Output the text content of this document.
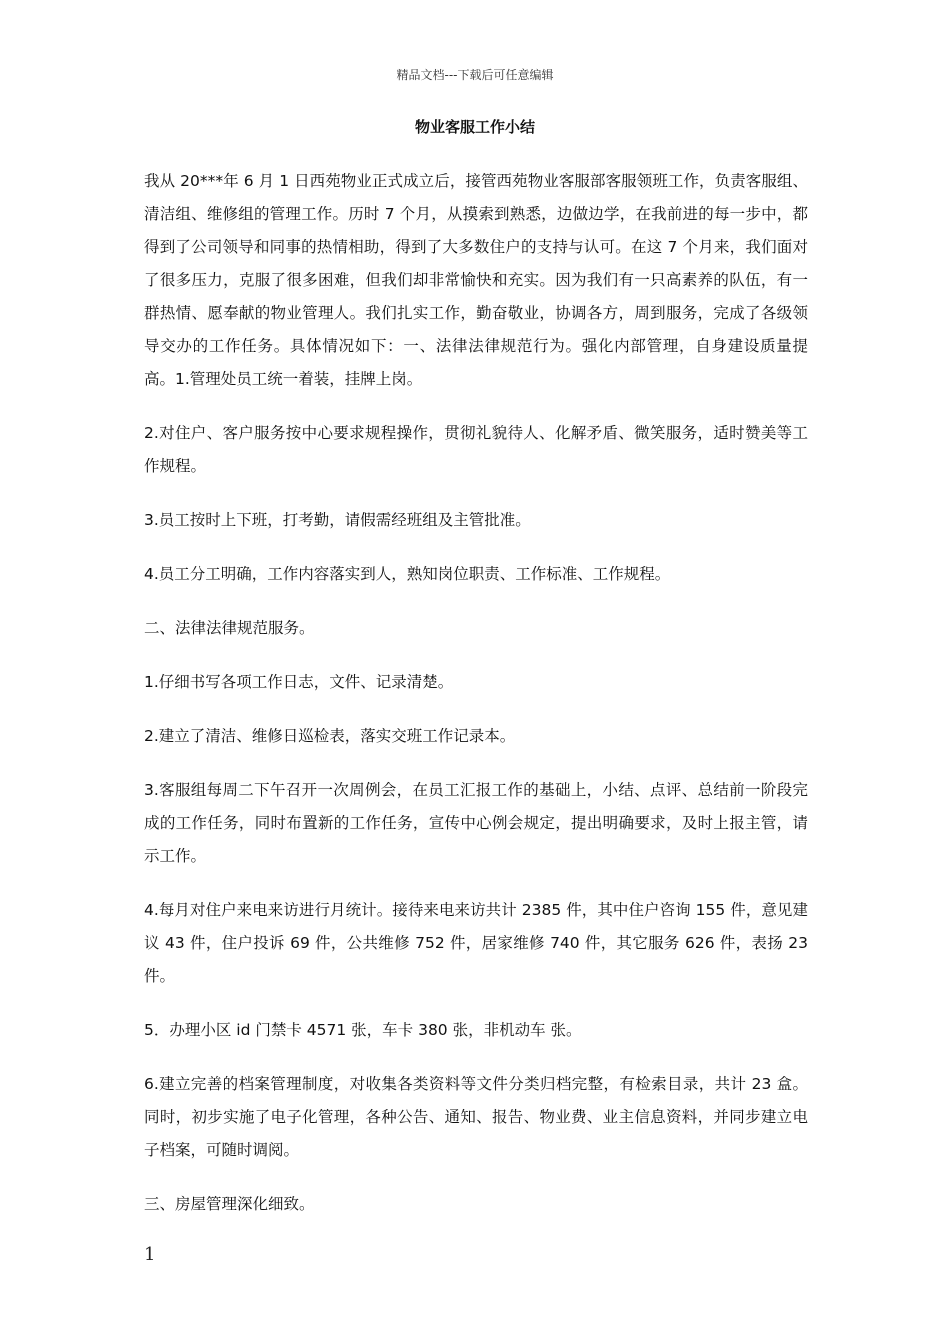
精品文档---下载后可任意编辑
物业客服工作小结

我从 20***年 6 月 1 日西苑物业正式成立后，接管西苑物业客服部客服领班工作，负责客服组、清洁组、维修组的管理工作。历时 7 个月，从摸索到熟悉，边做边学，在我前进的每一步中，都得到了公司领导和同事的热情相助，得到了大多数住户的支持与认可。在这 7 个月来，我们面对了很多压力，克服了很多困难，但我们却非常愉快和充实。因为我们有一只高素养的队伍，有一群热情、愿奉献的物业管理人。我们扎实工作，勤奋敬业，协调各方，周到服务，完成了各级领导交办的工作任务。具体情况如下：一、法律法律规范行为。强化内部管理，自身建设质量提高。1.管理处员工统一着装，挂牌上岗。

2.对住户、客户服务按中心要求规程操作，贯彻礼貌待人、化解矛盾、微笑服务，适时赞美等工作规程。

3.员工按时上下班，打考勤，请假需经班组及主管批准。

4.员工分工明确，工作内容落实到人，熟知岗位职责、工作标准、工作规程。

二、法律法律规范服务。

1.仔细书写各项工作日志，文件、记录清楚。

2.建立了清洁、维修日巡检表，落实交班工作记录本。

3.客服组每周二下午召开一次周例会，在员工汇报工作的基础上，小结、点评、总结前一阶段完成的工作任务，同时布置新的工作任务，宣传中心例会规定，提出明确要求，及时上报主管，请示工作。

4.每月对住户来电来访进行月统计。接待来电来访共计 2385 件，其中住户咨询 155 件，意见建议 43 件，住户投诉 69 件，公共维修 752 件，居家维修 740 件，其它服务 626 件，表扬 23 件。

5．办理小区 id 门禁卡 4571 张，车卡 380 张，非机动车 张。

6.建立完善的档案管理制度，对收集各类资料等文件分类归档完整，有检索目录，共计 23 盒。同时，初步实施了电子化管理，各种公告、通知、报告、物业费、业主信息资料，并同步建立电子档案，可随时调阅。

三、房屋管理深化细致。

1
